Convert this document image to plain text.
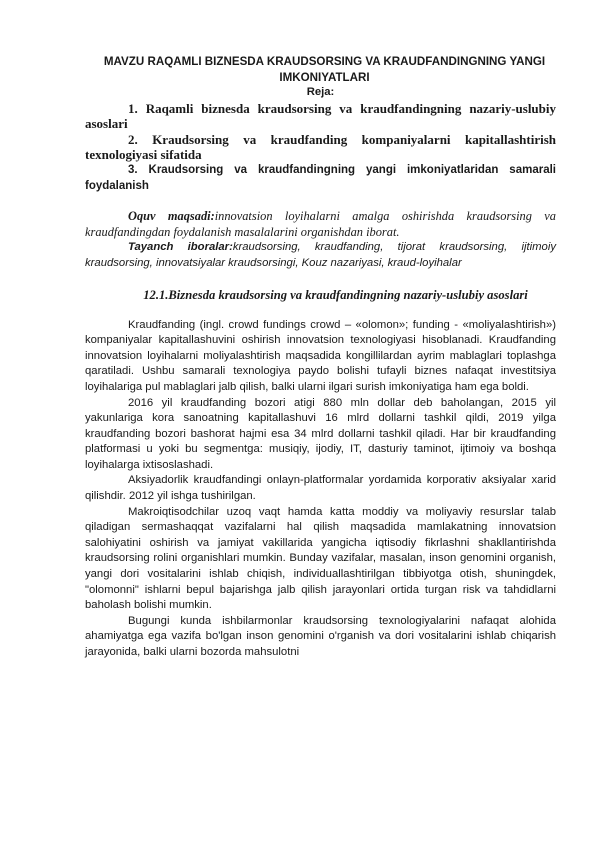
MAVZU RAQAMLI BIZNESDA KRAUDSORSING VA KRAUDFANDINGNING YANGI IMKONIYATLARI

Reja:

1. Raqamli biznesda kraudsorsing va kraudfandingning nazariy-uslubiy asoslari

2. Kraudsorsing va kraudfanding kompaniyalarni kapitallashtirish texnologiyasi sifatida

3. Kraudsorsing va kraudfandingning yangi imkoniyatlaridan samarali foydalanish

Oquv maqsadi:innovatsion loyihalarni amalga oshirishda kraudsorsing va kraudfandingdan foydalanish masalalarini organishdan iborat.

Tayanch iboralar:kraudsorsing, kraudfanding, tijorat kraudsorsing, ijtimoiy kraudsorsing, innovatsiyalar kraudsorsingi, Kouz nazariyasi, kraud-loyihalar

12.1.Biznesda kraudsorsing va kraudfandingning nazariy-uslubiy asoslari

Kraudfanding (ingl. crowd fundings crowd – «olomon»; funding - «moliyalashtirish») kompaniyalar kapitallashuvini oshirish innovatsion texnologiyasi hisoblanadi. Kraudfanding innovatsion loyihalarni moliyalashtirish maqsadida kongillilardan ayrim mablaglari toplashga qaratiladi. Ushbu samarali texnologiya paydo bolishi tufayli biznes nafaqat investitsiya loyihalariga pul mablaglari jalb qilish, balki ularni ilgari surish imkoniyatiga ham ega boldi.

2016 yil kraudfanding bozori atigi 880 mln dollar deb baholangan, 2015 yil yakunlariga kora sanoatning kapitallashuvi 16 mlrd dollarni tashkil qildi, 2019 yilga kraudfanding bozori bashorat hajmi esa 34 mlrd dollarni tashkil qiladi. Har bir kraudfanding platformasi u yoki bu segmentga: musiqiy, ijodiy, IT, dasturiy taminot, ijtimoiy va boshqa loyihalarga ixtisoslashadi.

Aksiyadorlik kraudfandingi onlayn-platformalar yordamida korporativ aksiyalar xarid qilishdir. 2012 yil ishga tushirilgan.

Makroiqtisodchilar uzoq vaqt hamda katta moddiy va moliyaviy resurslar talab qiladigan sermashaqqat vazifalarni hal qilish maqsadida mamlakatning innovatsion salohiyatini oshirish va jamiyat vakillarida yangicha iqtisodiy fikrlashni shakllantirishda kraudsorsing rolini organishlari mumkin. Bunday vazifalar, masalan, inson genomini organish, yangi dori vositalarini ishlab chiqish, individuallashtirilgan tibbiyotga otish, shuningdek, "olomonni" ishlarni bepul bajarishga jalb qilish jarayonlari ortida turgan risk va tahdidlarni baholash bolishi mumkin.

Bugungi kunda ishbilarmonlar kraudsorsing texnologiyalarini nafaqat alohida ahamiyatga ega vazifa bo'lgan inson genomini o'rganish va dori vositalarini ishlab chiqarish jarayonida, balki ularni bozorda mahsulotni
